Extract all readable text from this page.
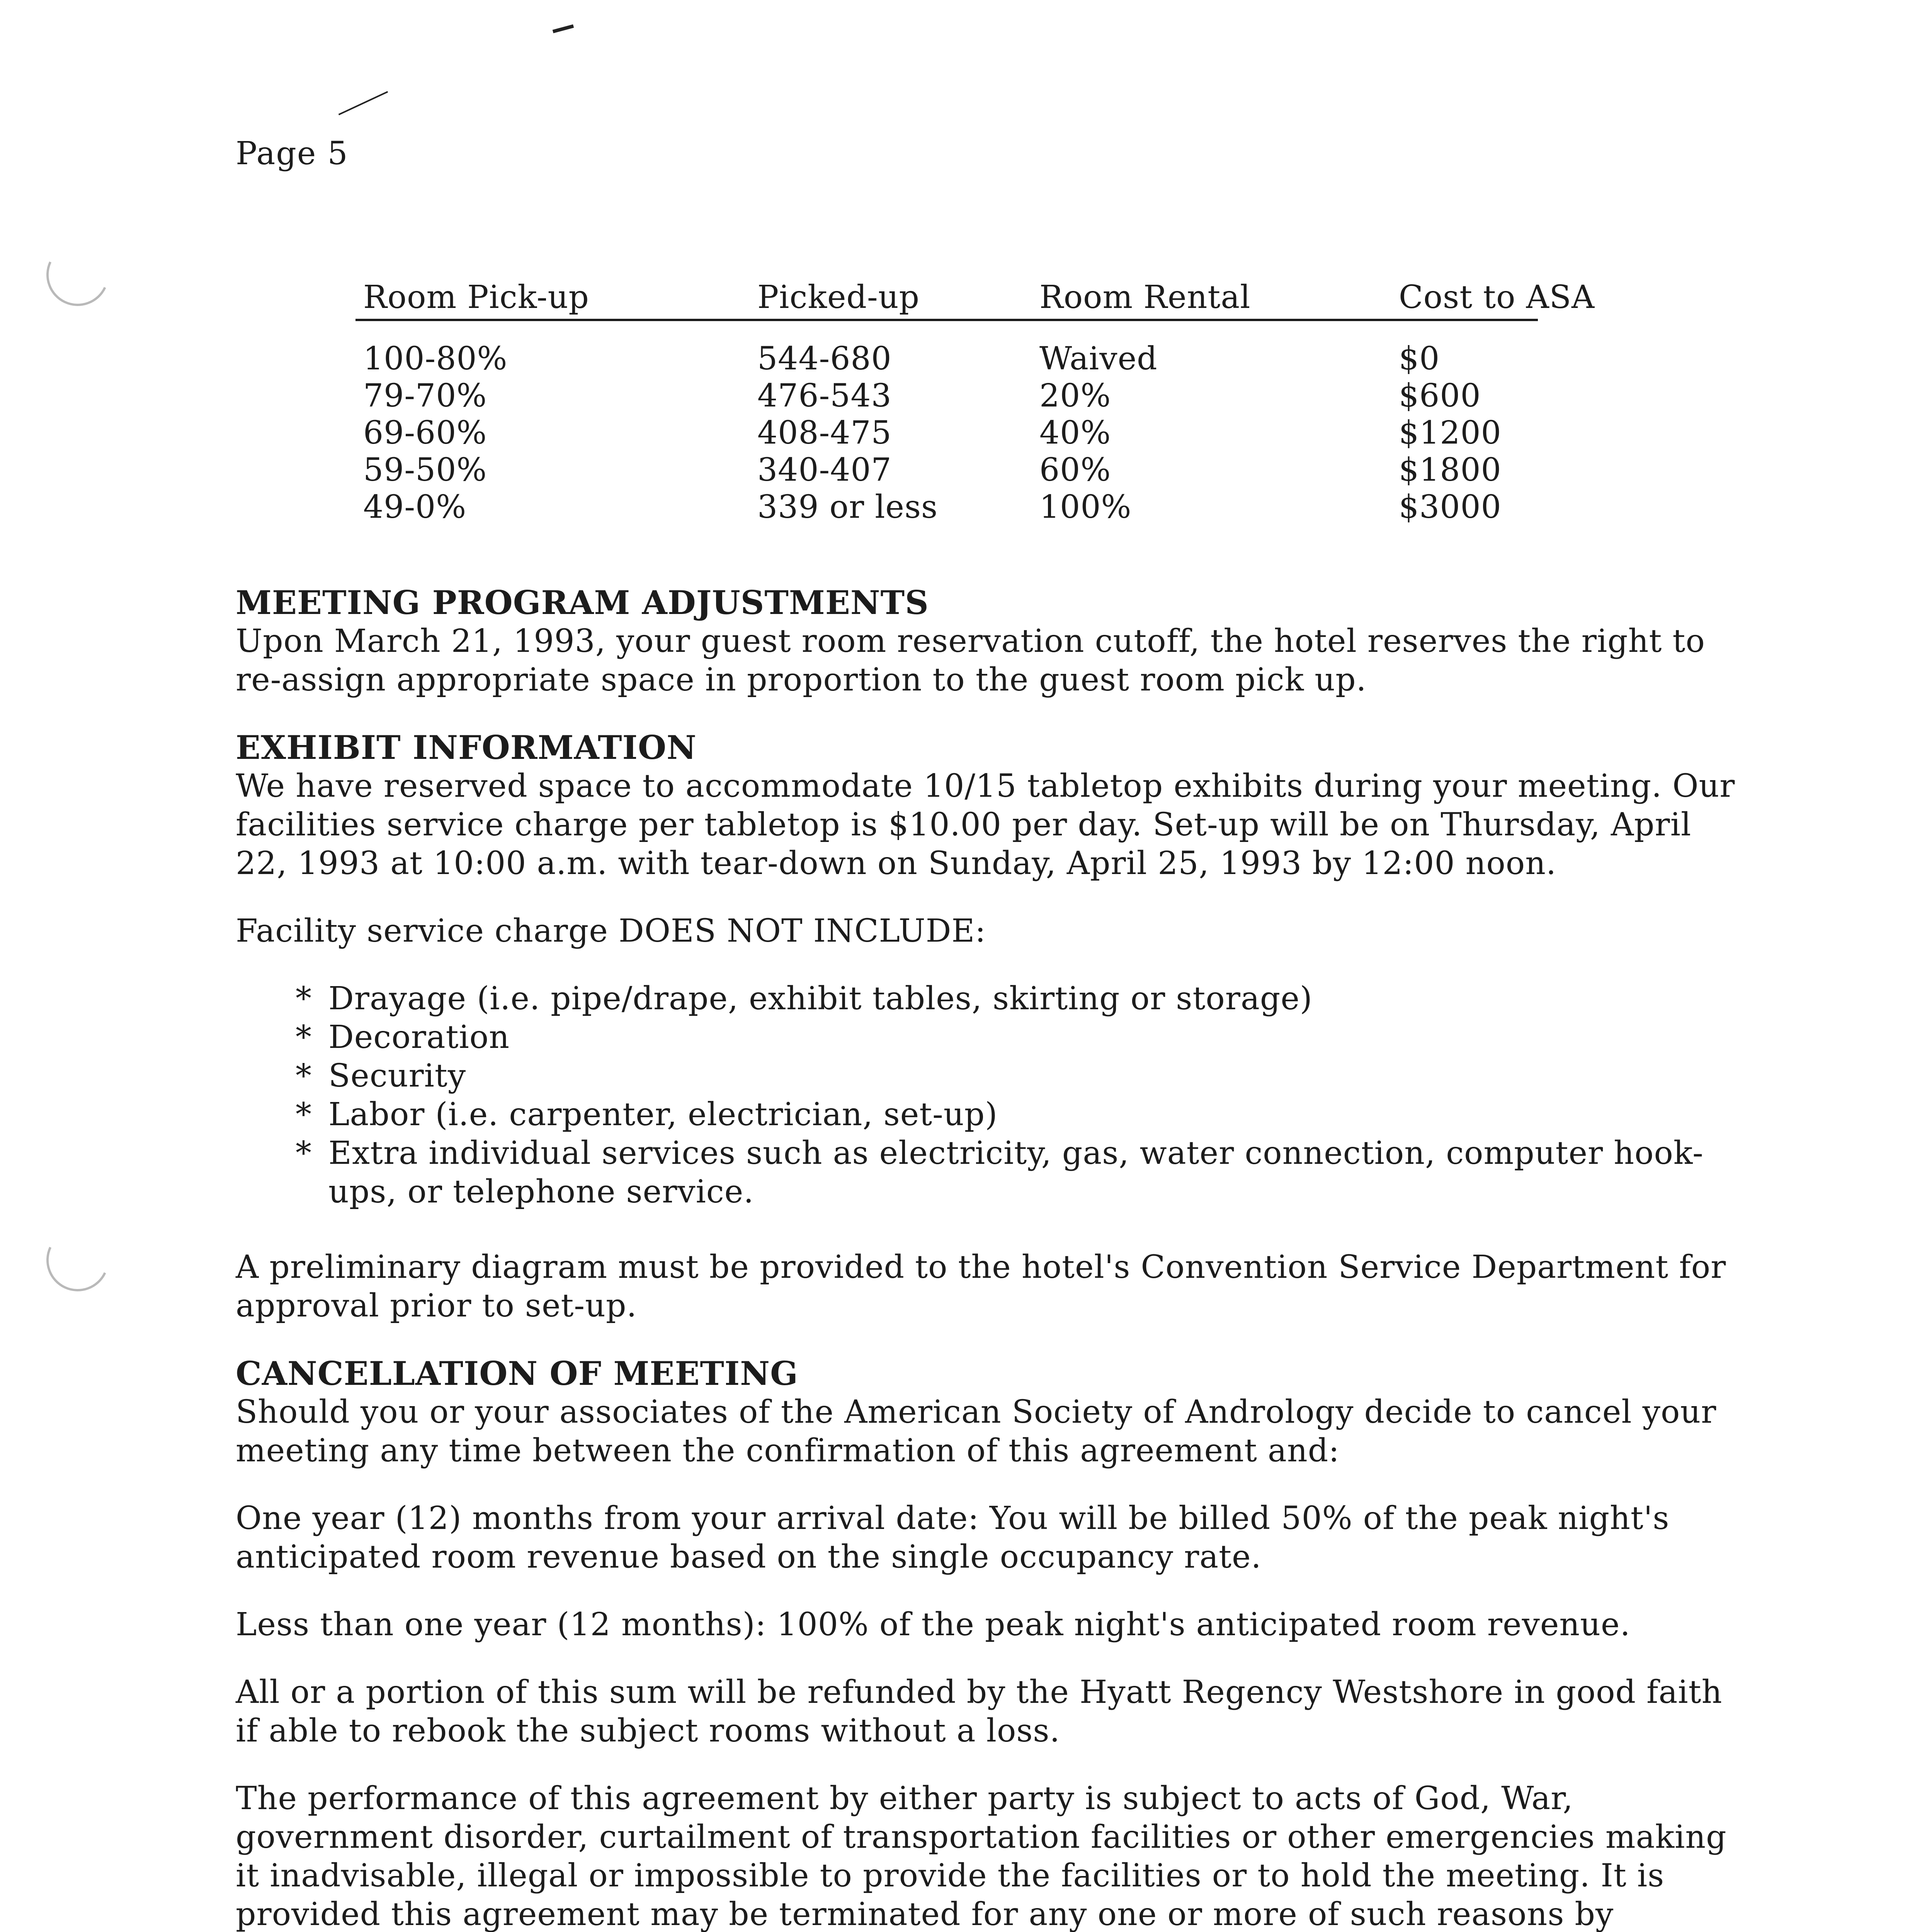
Page 5
Room Pick-up	Picked-up	Room Rental	Cost to ASA
100-80%	544-680	Waived	$0
79-70%	476-543	20%	$600
69-60%	408-475	40%	$1200
59-50%	340-407	60%	$1800
49-0%	339 or less	100%	$3000
MEETING PROGRAM ADJUSTMENTS

Upon March 21, 1993, your guest room reservation cutoff, the hotel reserves the right to re-assign appropriate space in proportion to the guest room pick up.

EXHIBIT INFORMATION

We have reserved space to accommodate 10/15 tabletop exhibits during your meeting. Our facilities service charge per tabletop is $10.00 per day. Set-up will be on Thursday, April 22, 1993 at 10:00 a.m. with tear-down on Sunday, April 25, 1993 by 12:00 noon.

Facility service charge DOES NOT INCLUDE:

* Drayage (i.e. pipe/drape, exhibit tables, skirting or storage)
* Decoration
* Security
* Labor (i.e. carpenter, electrician, set-up)
* Extra individual services such as electricity, gas, water connection, computer hook-ups, or telephone service.

A preliminary diagram must be provided to the hotel's Convention Service Department for approval prior to set-up.

CANCELLATION OF MEETING

Should you or your associates of the American Society of Andrology decide to cancel your meeting any time between the confirmation of this agreement and:

One year (12) months from your arrival date: You will be billed 50% of the peak night's anticipated room revenue based on the single occupancy rate.

Less than one year (12 months): 100% of the peak night's anticipated room revenue.

All or a portion of this sum will be refunded by the Hyatt Regency Westshore in good faith if able to rebook the subject rooms without a loss.

The performance of this agreement by either party is subject to acts of God, War, government disorder, curtailment of transportation facilities or other emergencies making it inadvisable, illegal or impossible to provide the facilities or to hold the meeting. It is provided this agreement may be terminated for any one or more of such reasons by
